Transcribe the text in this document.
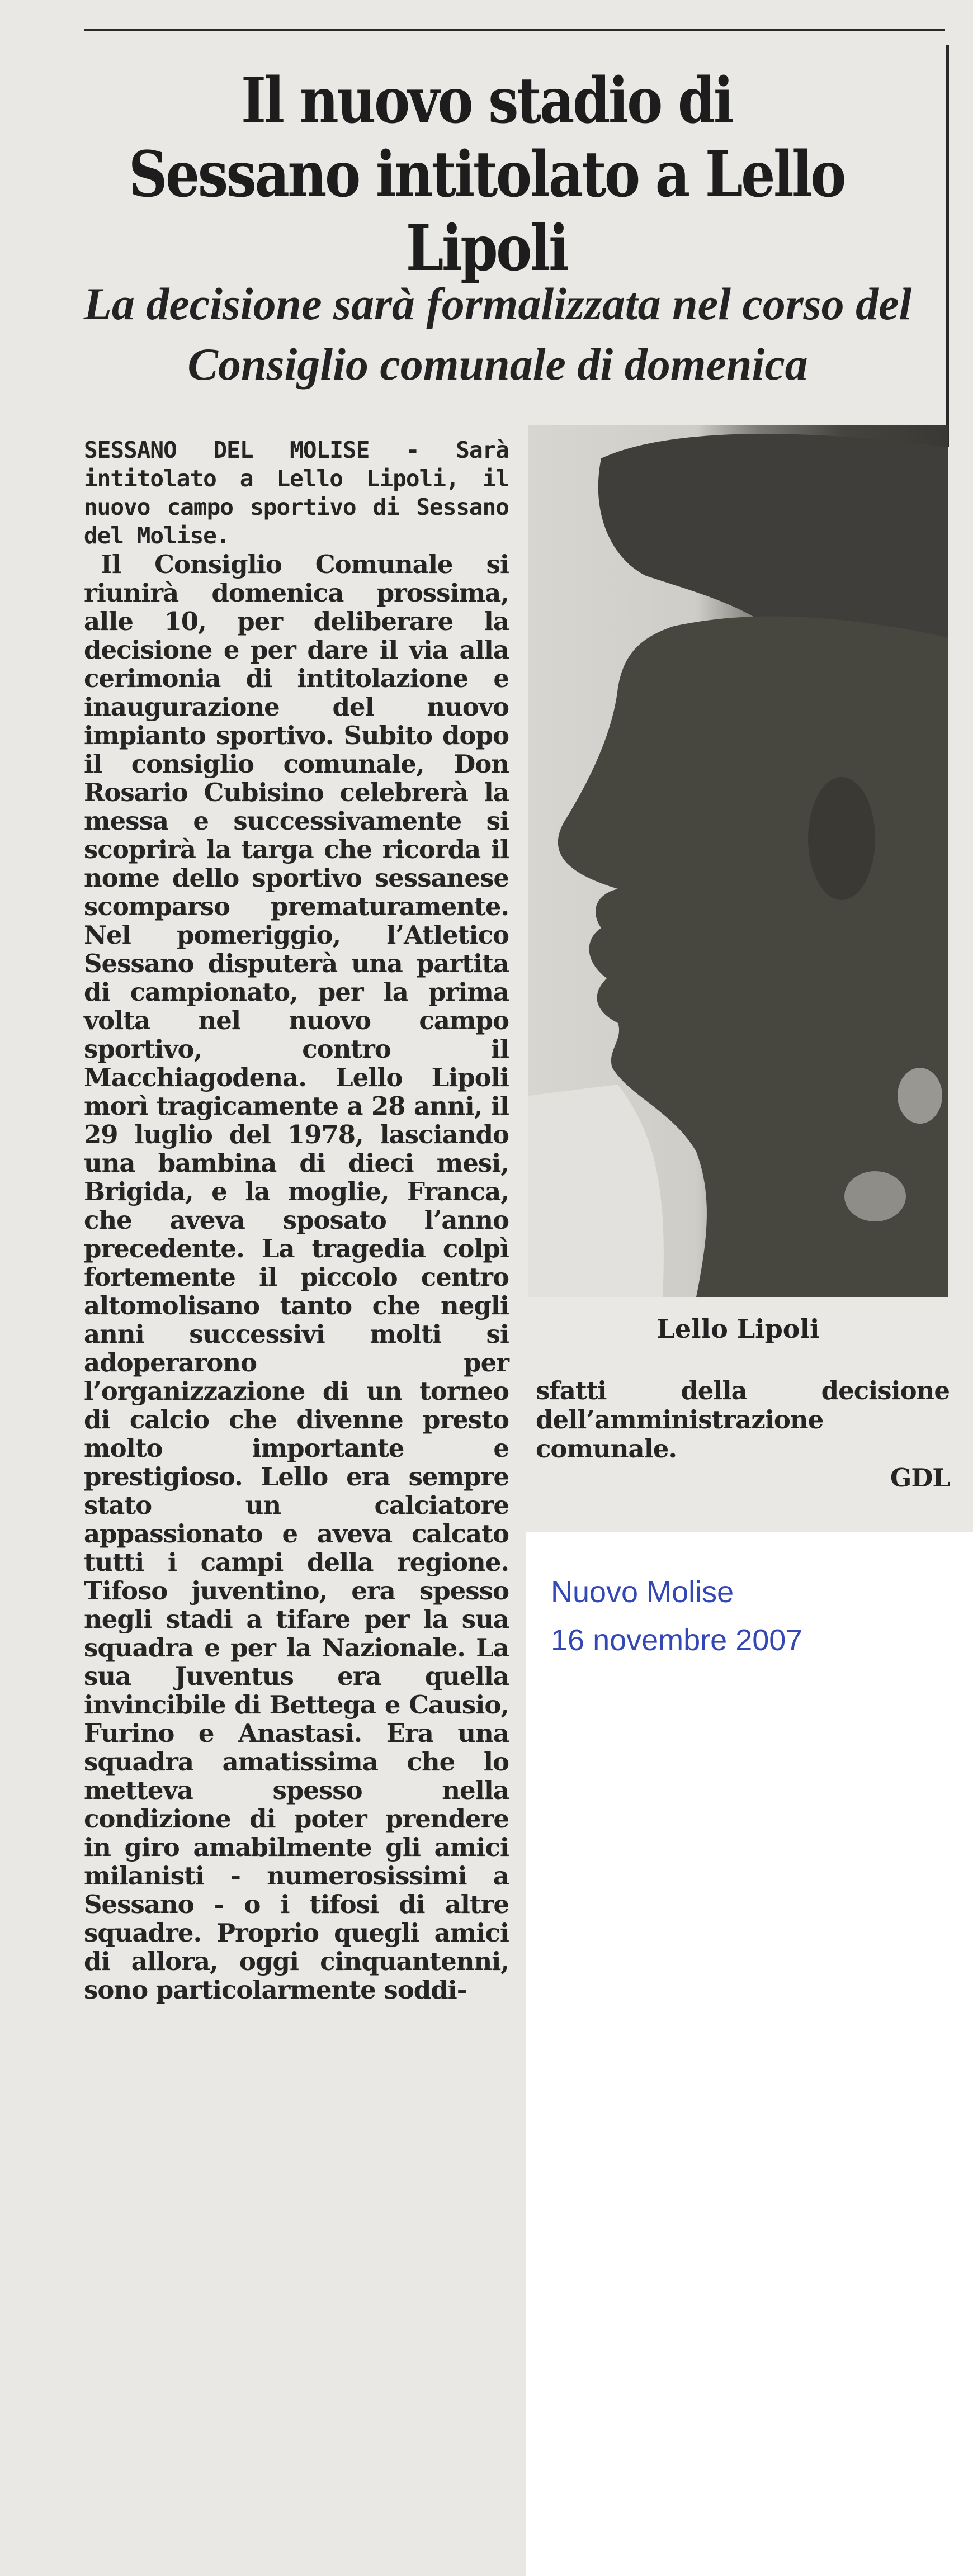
Il nuovo stadio di Sessano intitolato a Lello Lipoli
La decisione sarà formalizzata nel corso del Consiglio comunale di domenica

SESSANO DEL MOLISE - Sarà intitolato a Lello Lipoli, il nuovo campo sportivo di Sessano del Molise.

Il Consiglio Comunale si riunirà domenica prossima, alle 10, per deliberare la decisione e per dare il via alla cerimonia di intitolazione e inaugurazione del nuovo impianto sportivo. Subito dopo il consiglio comunale, Don Rosario Cubisino celebrerà la messa e successivamente si scoprirà la targa che ricorda il nome dello sportivo sessanese scomparso prematuramente. Nel pomeriggio, l’Atletico Sessano disputerà una partita di campionato, per la prima volta nel nuovo campo sportivo, contro il Macchiagodena. Lello Lipoli morì tragicamente a 28 anni, il 29 luglio del 1978, lasciando una bambina di dieci mesi, Brigida, e la moglie, Franca, che aveva sposato l’anno precedente. La tragedia colpì fortemente il piccolo centro altomolisano tanto che negli anni successivi molti si adoperarono per l’organizzazione di un torneo di calcio che divenne presto molto importante e prestigioso. Lello era sempre stato un calciatore appassionato e aveva calcato tutti i campi della regione. Tifoso juventino, era spesso negli stadi a tifare per la sua squadra e per la Nazionale. La sua Juventus era quella invincibile di Bettega e Causio, Furino e Anastasi. Era una squadra amatissima che lo metteva spesso nella condizione di poter prendere in giro amabilmente gli amici milanisti - numerosissimi a Sessano - o i tifosi di altre squadre. Proprio quegli amici di allora, oggi cinquantenni, sono particolarmente soddi-

Lello Lipoli

sfatti della decisione dell’amministrazione comunale.

GDL

Nuovo Molise

16 novembre 2007
